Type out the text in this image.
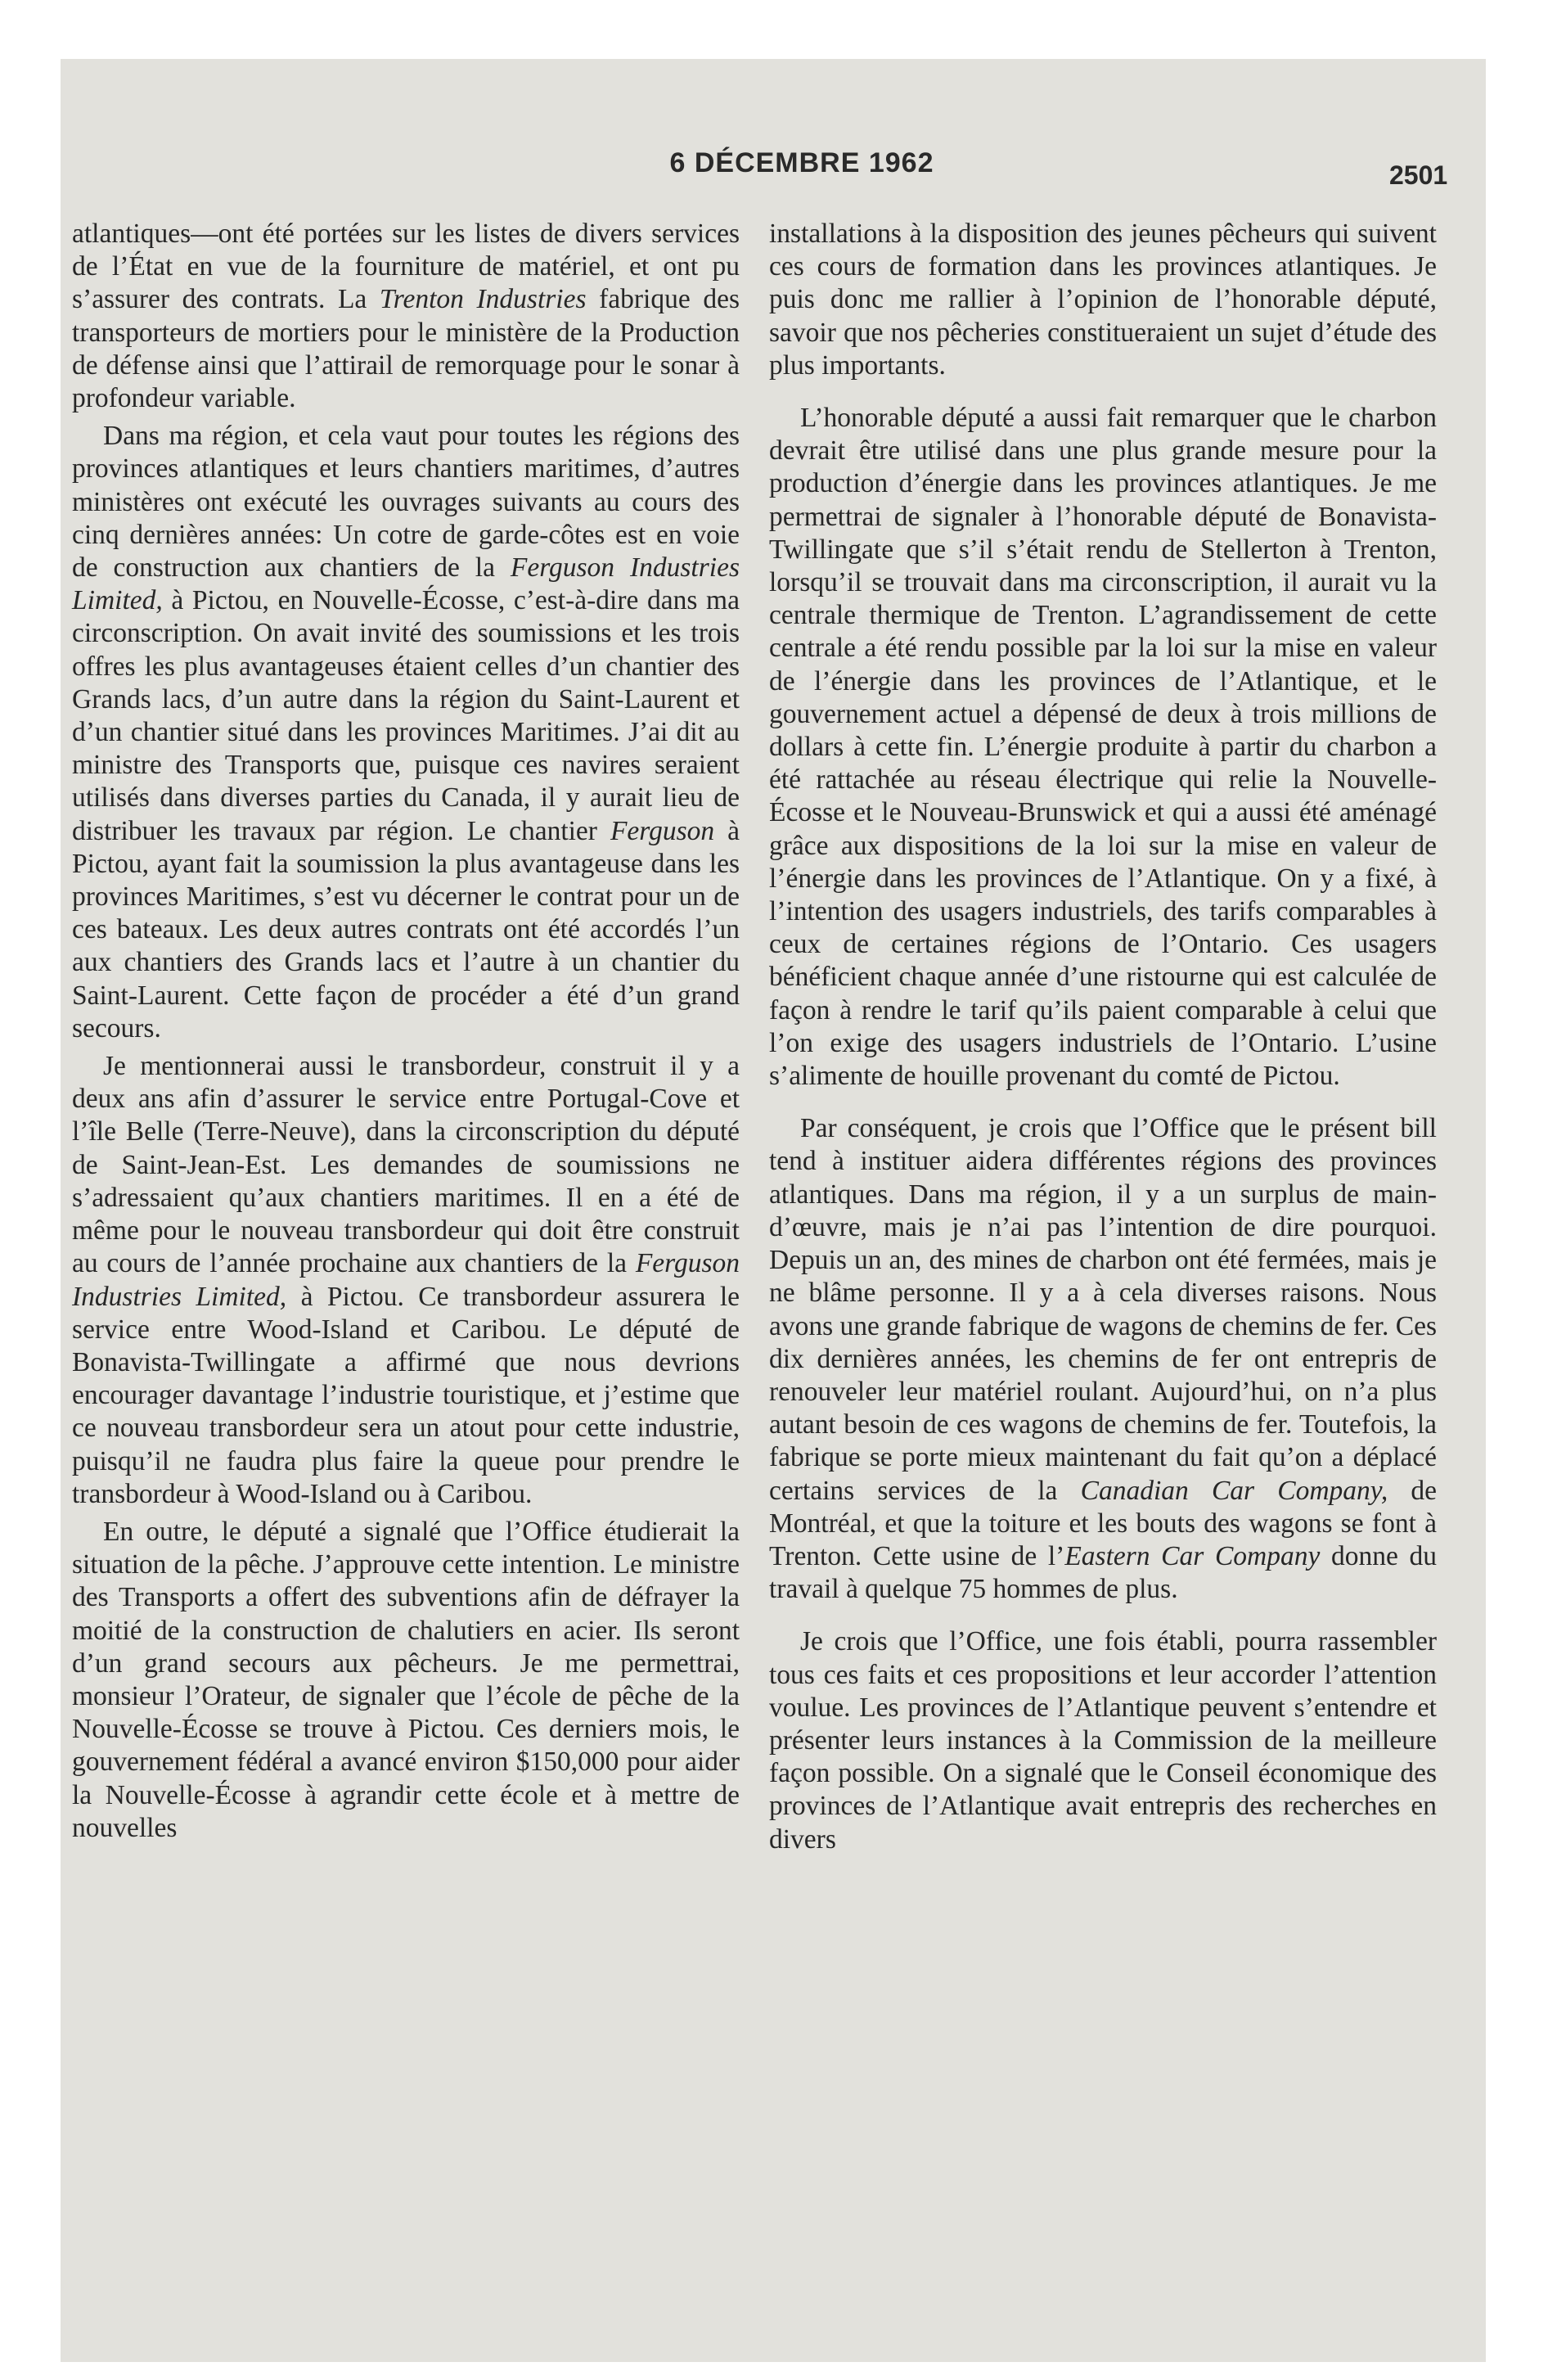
6 DÉCEMBRE 1962	2501

atlantiques—ont été portées sur les listes de divers services de l’État en vue de la fourniture de matériel, et ont pu s’assurer des contrats. La Trenton Industries fabrique des transporteurs de mortiers pour le ministère de la Production de défense ainsi que l’attirail de remorquage pour le sonar à profondeur variable.

Dans ma région, et cela vaut pour toutes les régions des provinces atlantiques et leurs chantiers maritimes, d’autres ministères ont exécuté les ouvrages suivants au cours des cinq dernières années: Un cotre de garde-côtes est en voie de construction aux chantiers de la Ferguson Industries Limited, à Pictou, en Nouvelle-Écosse, c’est-à-dire dans ma circonscription. On avait invité des soumissions et les trois offres les plus avantageuses étaient celles d’un chantier des Grands lacs, d’un autre dans la région du Saint-Laurent et d’un chantier situé dans les provinces Maritimes. J’ai dit au ministre des Transports que, puisque ces navires seraient utilisés dans diverses parties du Canada, il y aurait lieu de distribuer les travaux par région. Le chantier Ferguson à Pictou, ayant fait la soumission la plus avantageuse dans les provinces Maritimes, s’est vu décerner le contrat pour un de ces bateaux. Les deux autres contrats ont été accordés l’un aux chantiers des Grands lacs et l’autre à un chantier du Saint-Laurent. Cette façon de procéder a été d’un grand secours.

Je mentionnerai aussi le transbordeur, construit il y a deux ans afin d’assurer le service entre Portugal-Cove et l’île Belle (Terre-Neuve), dans la circonscription du député de Saint-Jean-Est. Les demandes de soumissions ne s’adressaient qu’aux chantiers maritimes. Il en a été de même pour le nouveau transbordeur qui doit être construit au cours de l’année prochaine aux chantiers de la Ferguson Industries Limited, à Pictou. Ce transbordeur assurera le service entre Wood-Island et Caribou. Le député de Bonavista-Twillingate a affirmé que nous devrions encourager davantage l’industrie touristique, et j’estime que ce nouveau transbordeur sera un atout pour cette industrie, puisqu’il ne faudra plus faire la queue pour prendre le transbordeur à Wood-Island ou à Caribou.

En outre, le député a signalé que l’Office étudierait la situation de la pêche. J’approuve cette intention. Le ministre des Transports a offert des subventions afin de défrayer la moitié de la construction de chalutiers en acier. Ils seront d’un grand secours aux pêcheurs. Je me permettrai, monsieur l’Orateur, de signaler que l’école de pêche de la Nouvelle-Écosse se trouve à Pictou. Ces derniers mois, le gouvernement fédéral a avancé environ $150,000 pour aider la Nouvelle-Écosse à agrandir cette école et à mettre de nouvelles

installations à la disposition des jeunes pêcheurs qui suivent ces cours de formation dans les provinces atlantiques. Je puis donc me rallier à l’opinion de l’honorable député, savoir que nos pêcheries constitueraient un sujet d’étude des plus importants.

L’honorable député a aussi fait remarquer que le charbon devrait être utilisé dans une plus grande mesure pour la production d’énergie dans les provinces atlantiques. Je me permettrai de signaler à l’honorable député de Bonavista-Twillingate que s’il s’était rendu de Stellerton à Trenton, lorsqu’il se trouvait dans ma circonscription, il aurait vu la centrale thermique de Trenton. L’agrandissement de cette centrale a été rendu possible par la loi sur la mise en valeur de l’énergie dans les provinces de l’Atlantique, et le gouvernement actuel a dépensé de deux à trois millions de dollars à cette fin. L’énergie produite à partir du charbon a été rattachée au réseau électrique qui relie la Nouvelle-Écosse et le Nouveau-Brunswick et qui a aussi été aménagé grâce aux dispositions de la loi sur la mise en valeur de l’énergie dans les provinces de l’Atlantique. On y a fixé, à l’intention des usagers industriels, des tarifs comparables à ceux de certaines régions de l’Ontario. Ces usagers bénéficient chaque année d’une ristourne qui est calculée de façon à rendre le tarif qu’ils paient comparable à celui que l’on exige des usagers industriels de l’Ontario. L’usine s’alimente de houille provenant du comté de Pictou.

Par conséquent, je crois que l’Office que le présent bill tend à instituer aidera différentes régions des provinces atlantiques. Dans ma région, il y a un surplus de main-d’œuvre, mais je n’ai pas l’intention de dire pourquoi. Depuis un an, des mines de charbon ont été fermées, mais je ne blâme personne. Il y a à cela diverses raisons. Nous avons une grande fabrique de wagons de chemins de fer. Ces dix dernières années, les chemins de fer ont entrepris de renouveler leur matériel roulant. Aujourd’hui, on n’a plus autant besoin de ces wagons de chemins de fer. Toutefois, la fabrique se porte mieux maintenant du fait qu’on a déplacé certains services de la Canadian Car Company, de Montréal, et que la toiture et les bouts des wagons se font à Trenton. Cette usine de l’Eastern Car Company donne du travail à quelque 75 hommes de plus.

Je crois que l’Office, une fois établi, pourra rassembler tous ces faits et ces propositions et leur accorder l’attention voulue. Les provinces de l’Atlantique peuvent s’entendre et présenter leurs instances à la Commission de la meilleure façon possible. On a signalé que le Conseil économique des provinces de l’Atlantique avait entrepris des recherches en divers
